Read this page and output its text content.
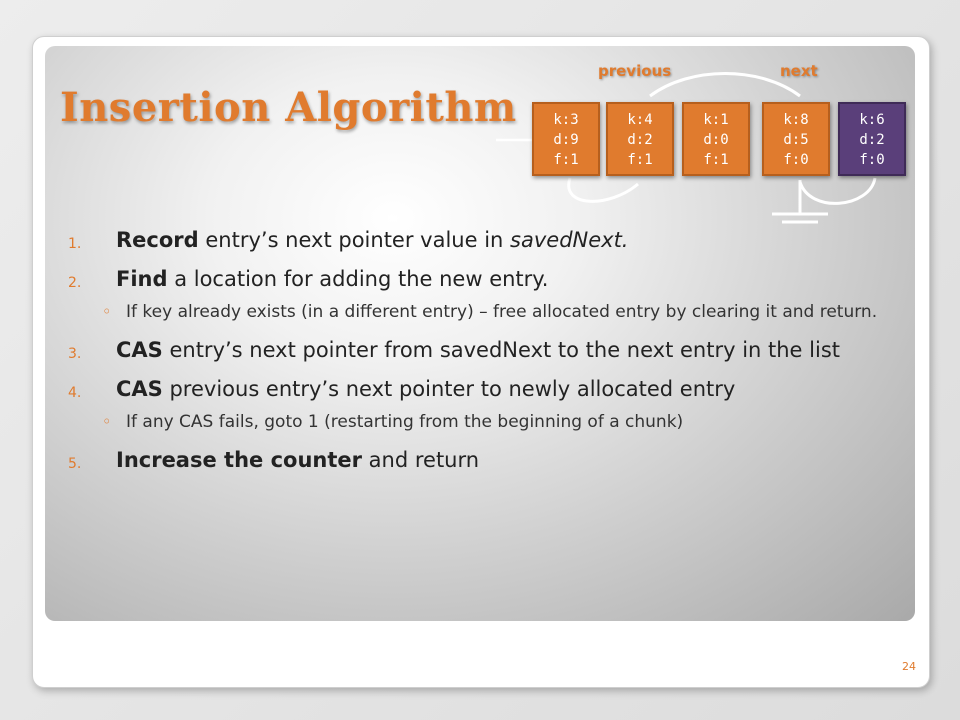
Insertion Algorithm
previous	next
k:3
d:9
f:1
k:4
d:2
f:1
k:1
d:0
f:1
k:8
d:5
f:0
k:6
d:2
f:0
1. Record entry’s next pointer value in savedNext.
2. Find a location for adding the new entry.
◦ If key already exists (in a different entry) – free allocated entry by clearing it and return.
3. CAS entry’s next pointer from savedNext to the next entry in the list
4. CAS previous entry’s next pointer to newly allocated entry
◦ If any CAS fails, goto 1 (restarting from the beginning of a chunk)
5. Increase the counter and return
24
